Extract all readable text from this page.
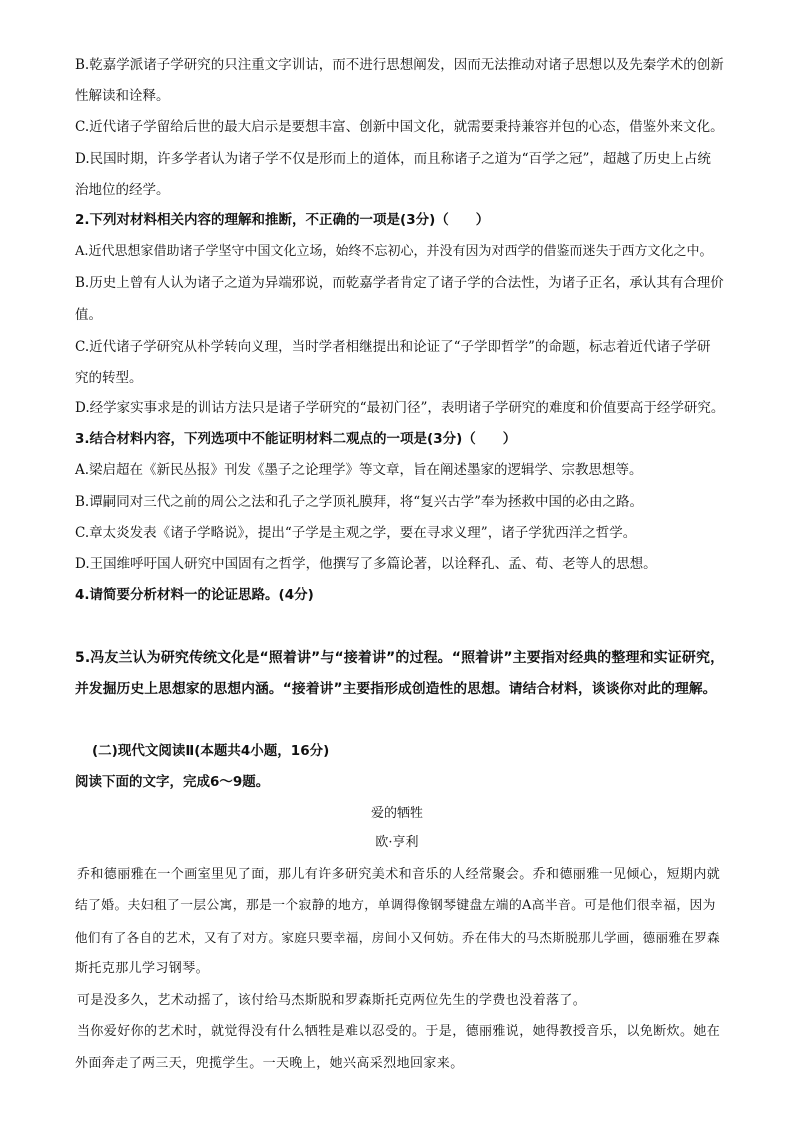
B.乾嘉学派诸子学研究的只注重文字训诂，而不进行思想阐发，因而无法推动对诸子思想以及先秦学术的创新
性解读和诠释。
C.近代诸子学留给后世的最大启示是要想丰富、创新中国文化，就需要秉持兼容并包的心态，借鉴外来文化。
D.民国时期，许多学者认为诸子学不仅是形而上的道体，而且称诸子之道为“百学之冠”，超越了历史上占统
治地位的经学。
2.下列对材料相关内容的理解和推断，不正确的一项是(3分)（　　）
A.近代思想家借助诸子学坚守中国文化立场，始终不忘初心，并没有因为对西学的借鉴而迷失于西方文化之中。
B.历史上曾有人认为诸子之道为异端邪说，而乾嘉学者肯定了诸子学的合法性，为诸子正名，承认其有合理价
值。
C.近代诸子学研究从朴学转向义理，当时学者相继提出和论证了“子学即哲学”的命题，标志着近代诸子学研
究的转型。
D.经学家实事求是的训诂方法只是诸子学研究的“最初门径”，表明诸子学研究的难度和价值要高于经学研究。
3.结合材料内容，下列选项中不能证明材料二观点的一项是(3分)（　　）
A.梁启超在《新民丛报》刊发《墨子之论理学》等文章，旨在阐述墨家的逻辑学、宗教思想等。
B.谭嗣同对三代之前的周公之法和孔子之学顶礼膜拜，将“复兴古学”奉为拯救中国的必由之路。
C.章太炎发表《诸子学略说》，提出“子学是主观之学，要在寻求义理”，诸子学犹西洋之哲学。
D.王国维呼吁国人研究中国固有之哲学，他撰写了多篇论著，以诠释孔、孟、荀、老等人的思想。
4.请简要分析材料一的论证思路。(4分)
5.冯友兰认为研究传统文化是“照着讲”与“接着讲”的过程。“照着讲”主要指对经典的整理和实证研究，
并发掘历史上思想家的思想内涵。“接着讲”主要指形成创造性的思想。请结合材料，谈谈你对此的理解。
(二)现代文阅读Ⅱ(本题共4小题，16分)
阅读下面的文字，完成6～9题。
爱的牺牲
欧·亨利
乔和德丽雅在一个画室里见了面，那儿有许多研究美术和音乐的人经常聚会。乔和德丽雅一见倾心，短期内就
结了婚。夫妇租了一层公寓，那是一个寂静的地方，单调得像钢琴键盘左端的A高半音。可是他们很幸福，因为
他们有了各自的艺术，又有了对方。家庭只要幸福，房间小又何妨。乔在伟大的马杰斯脱那儿学画，德丽雅在罗森
斯托克那儿学习钢琴。
可是没多久，艺术动摇了，该付给马杰斯脱和罗森斯托克两位先生的学费也没着落了。
当你爱好你的艺术时，就觉得没有什么牺牲是难以忍受的。于是，德丽雅说，她得教授音乐，以免断炊。她在
外面奔走了两三天，兜揽学生。一天晚上，她兴高采烈地回家来。
